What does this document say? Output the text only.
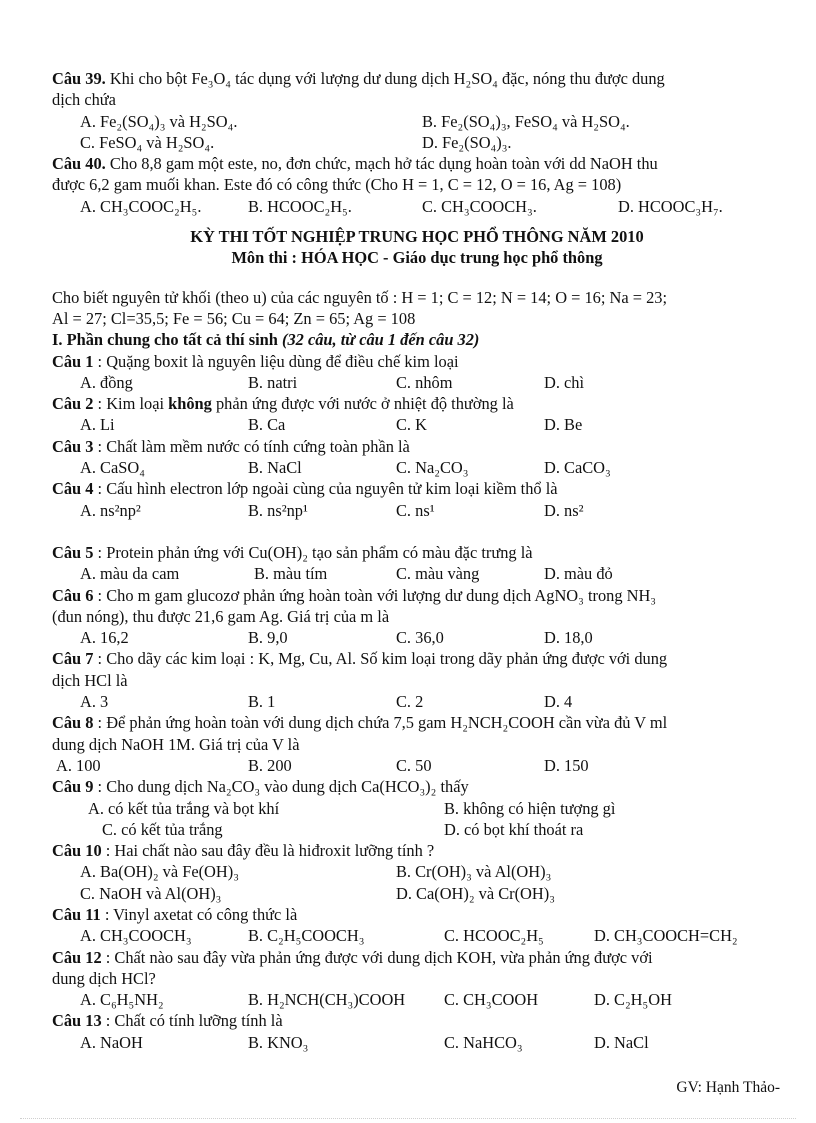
Câu 39. Khi cho bột Fe₃O₄ tác dụng với lượng dư dung dịch H₂SO₄ đặc, nóng thu được dung
dịch chứa
A. Fe₂(SO₄)₃ và H₂SO₄.	B. Fe₂(SO₄)₃, FeSO₄ và H₂SO₄.
C. FeSO₄ và H₂SO₄.	D. Fe₂(SO₄)₃.
Câu 40. Cho 8,8 gam một este, no, đơn chức, mạch hở tác dụng hoàn toàn với dd NaOH thu
được 6,2 gam muối khan. Este đó có công thức (Cho H = 1, C = 12, O = 16, Ag = 108)
A. CH₃COOC₂H₅.	B. HCOOC₂H₅.	C. CH₃COOCH₃.	D. HCOOC₃H₇.
KỲ THI TỐT NGHIỆP TRUNG HỌC PHỔ THÔNG NĂM 2010
Môn thi : HÓA HỌC - Giáo dục trung học phổ thông
Cho biết nguyên tử khối (theo u) của các nguyên tố : H = 1; C = 12; N = 14; O = 16; Na = 23;
Al = 27; Cl=35,5; Fe = 56; Cu = 64; Zn = 65; Ag = 108
I. Phần chung cho tất cả thí sinh (32 câu, từ câu 1 đến câu 32)
Câu 1 : Quặng boxit là nguyên liệu dùng để điều chế kim loại
A. đồng	B. natri	C. nhôm	D. chì
Câu 2 : Kim loại không phản ứng được với nước ở nhiệt độ thường là
A. Li	B. Ca	C. K	D. Be
Câu 3 : Chất làm mềm nước có tính cứng toàn phần là
A. CaSO₄	B. NaCl	C. Na₂CO₃	D. CaCO₃
Câu 4 : Cấu hình electron lớp ngoài cùng của nguyên tử kim loại kiềm thổ là
A. ns²np²	B. ns²np¹	C. ns¹	D. ns²
Câu 5 : Protein phản ứng với Cu(OH)₂ tạo sản phẩm có màu đặc trưng là
A. màu da cam	B. màu tím	C. màu vàng	D. màu đỏ
Câu 6 : Cho m gam glucozơ phản ứng hoàn toàn với lượng dư dung dịch AgNO₃ trong NH₃
(đun nóng), thu được 21,6 gam Ag. Giá trị của m là
A. 16,2	B. 9,0	C. 36,0	D. 18,0
Câu 7 : Cho dãy các kim loại : K, Mg, Cu, Al. Số kim loại trong dãy phản ứng được với dung
dịch HCl là
A. 3	B. 1	C. 2	D. 4
Câu 8 : Để phản ứng hoàn toàn với dung dịch chứa 7,5 gam H₂NCH₂COOH cần vừa đủ V ml
dung dịch NaOH 1M. Giá trị của V là
A. 100	B. 200	C. 50	D. 150
Câu 9 : Cho dung dịch Na₂CO₃ vào dung dịch Ca(HCO₃)₂ thấy
A. có kết tủa trắng và bọt khí	B. không có hiện tượng gì
C. có kết tủa trắng	D. có bọt khí thoát ra
Câu 10 : Hai chất nào sau đây đều là hiđroxit lưỡng tính ?
A. Ba(OH)₂ và Fe(OH)₃	B. Cr(OH)₃ và Al(OH)₃
C. NaOH và Al(OH)₃	D. Ca(OH)₂ và Cr(OH)₃
Câu 11 : Vinyl axetat có công thức là
A. CH₃COOCH₃	B. C₂H₅COOCH₃	C. HCOOC₂H₅	D. CH₃COOCH=CH₂
Câu 12 : Chất nào sau đây vừa phản ứng được với dung dịch KOH, vừa phản ứng được với
dung dịch HCl?
A. C₆H₅NH₂	B. H₂NCH(CH₃)COOH C. CH₃COOH	D. C₂H₅OH
Câu 13 : Chất có tính lưỡng tính là
A. NaOH	B. KNO₃	C. NaHCO₃	D. NaCl
GV: Hạnh Thảo-
